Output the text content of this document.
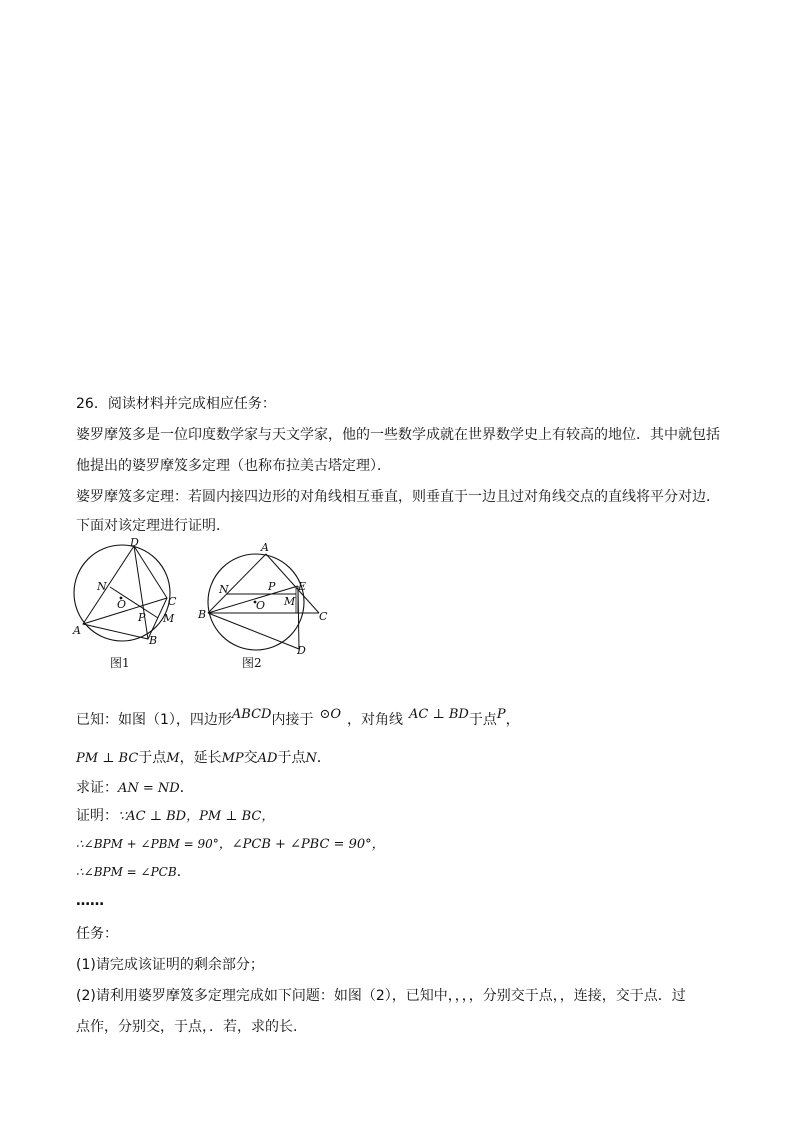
26．阅读材料并完成相应任务：
婆罗摩笈多是一位印度数学家与天文学家，他的一些数学成就在世界数学史上有较高的地位．其中就包括
他提出的婆罗摩笈多定理（也称布拉美古塔定理）．
婆罗摩笈多定理：若圆内接四边形的对角线相互垂直，则垂直于一边且过对角线交点的直线将平分对边．
下面对该定理进行证明．
D
N
O	C
P M
A
B
图1
A
N	P E
B
O M
D
C
图2
已知：如图（1），四边形ABCD内接于 ⊙O ，对角线 AC ⊥ BD于点P，
PM ⊥ BC于点M，延长MP交AD于点N．
求证：AN = ND．
证明：∵AC ⊥ BD，PM ⊥ BC，
∴∠BPM + ∠PBM = 90°，∠PCB + ∠PBC = 90°，
∴∠BPM = ∠PCB．
……
任务：
(1)请完成该证明的剩余部分；
(2)请利用婆罗摩笈多定理完成如下问题：如图（2），已知中，，，，分别交于点，，连接，交于点．过
点作，分别交，于点，．若，求的长.
